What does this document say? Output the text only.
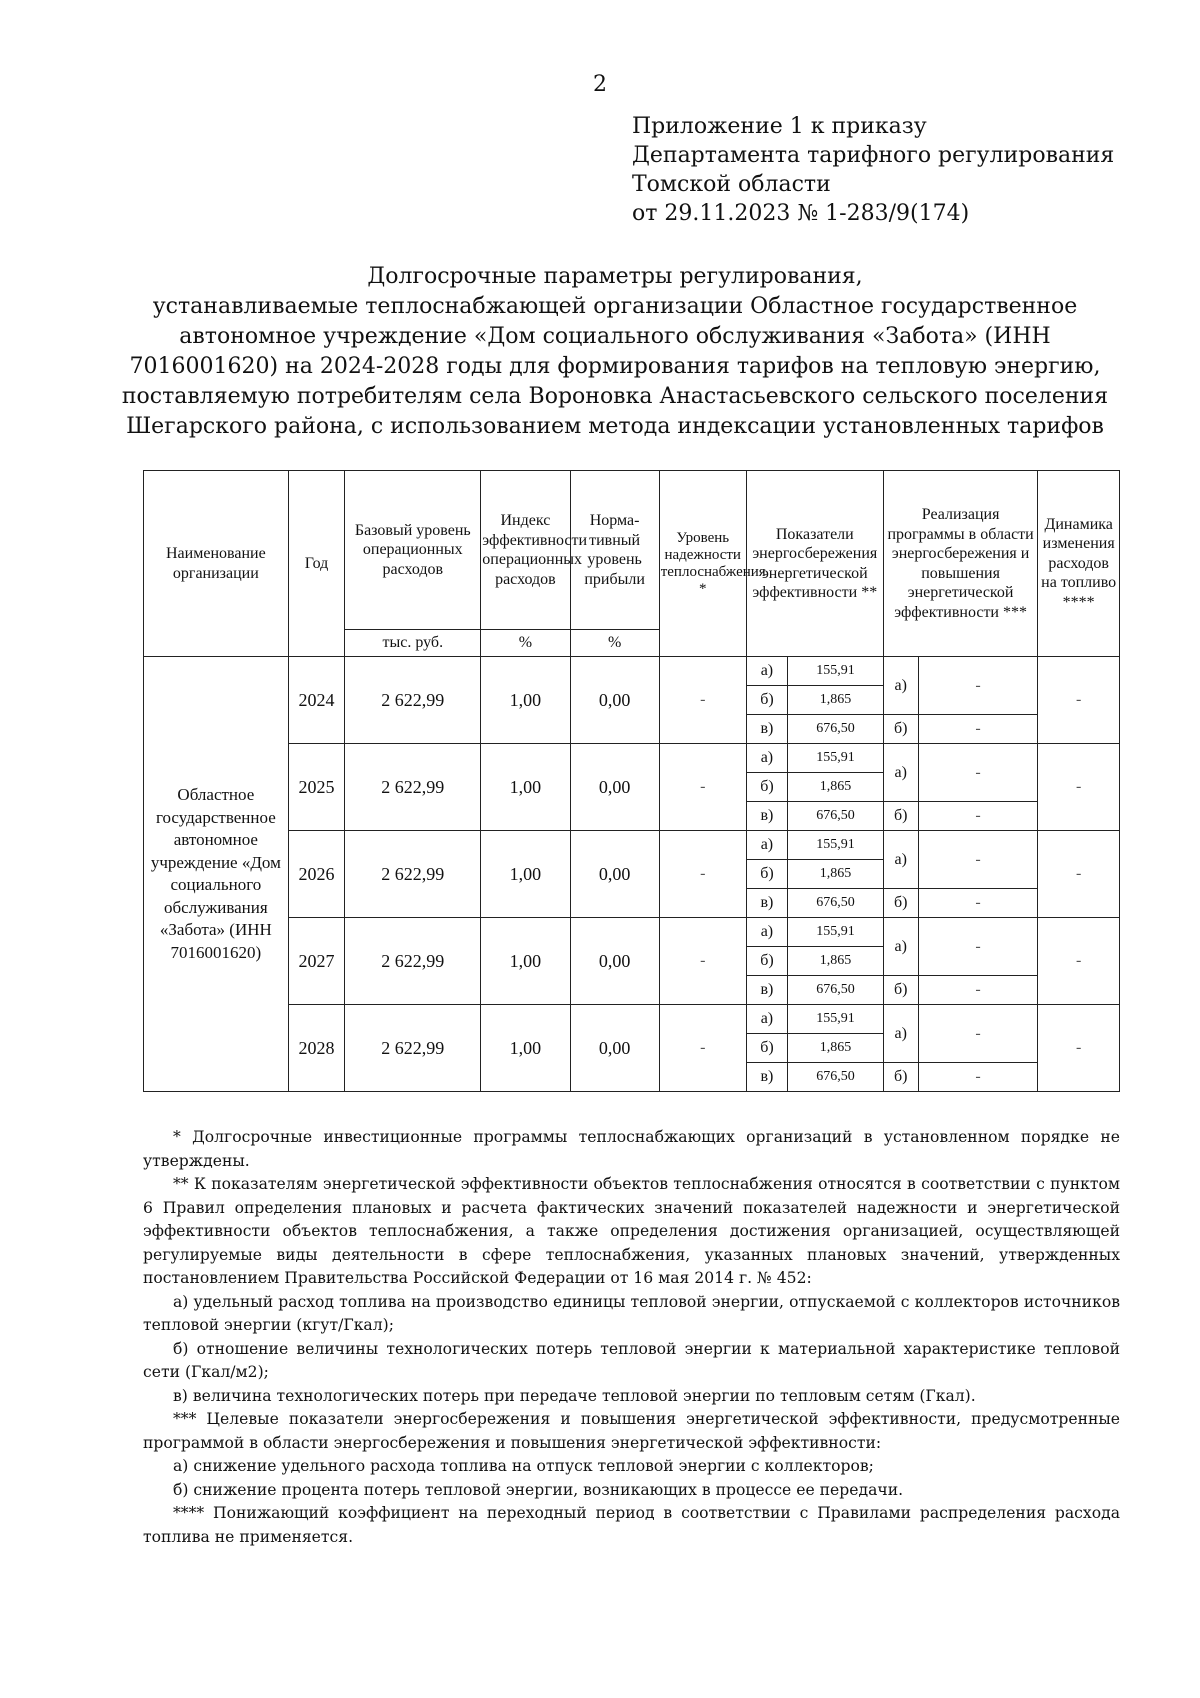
2
Приложение 1 к приказу
Департамента тарифного регулирования
Томской области
от 29.11.2023 № 1-283/9(174)
Долгосрочные параметры регулирования,
устанавливаемые теплоснабжающей организации Областное государственное
автономное учреждение «Дом социального обслуживания «Забота» (ИНН
7016001620) на 2024-2028 годы для формирования тарифов на тепловую энергию,
поставляемую потребителям села Вороновка Анастасьевского сельского поселения
Шегарского района, с использованием метода индексации установленных тарифов
Наименование организации	Год	Базовый уровень операционных расходов	Индекс эффективности операционных расходов	Норма-тивный уровень прибыли	Уровень надежности теплоснабжения *	Показатели энергосбережения энергетической эффективности **		Реализация программы в области энергосбережения и повышения энергетической эффективности ***		Динамика изменения расходов на топливо ****
		тыс. руб.	%	%						
Областное государственное автономное учреждение «Дом социального обслуживания «Забота» (ИНН 7016001620)	2024	2 622,99	1,00	0,00	-	а)	155,91	а)	-	-
						б)	1,865			
						в)	676,50	б)	-	
	2025	2 622,99	1,00	0,00	-	а)	155,91	а)	-	-
						б)	1,865			
						в)	676,50	б)	-	
	2026	2 622,99	1,00	0,00	-	а)	155,91	а)	-	-
						б)	1,865			
						в)	676,50	б)	-	
	2027	2 622,99	1,00	0,00	-	а)	155,91	а)	-	-
						б)	1,865			
						в)	676,50	б)	-	
	2028	2 622,99	1,00	0,00	-	а)	155,91	а)	-	-
						б)	1,865			
						в)	676,50	б)	-	

* Долгосрочные инвестиционные программы теплоснабжающих организаций в установленном порядке не утверждены.

** К показателям энергетической эффективности объектов теплоснабжения относятся в соответствии с пунктом 6 Правил определения плановых и расчета фактических значений показателей надежности и энергетической эффективности объектов теплоснабжения, а также определения достижения организацией, осуществляющей регулируемые виды деятельности в сфере теплоснабжения, указанных плановых значений, утвержденных постановлением Правительства Российской Федерации от 16 мая 2014 г. № 452:

а) удельный расход топлива на производство единицы тепловой энергии, отпускаемой с коллекторов источников тепловой энергии (кгут/Гкал);

б) отношение величины технологических потерь тепловой энергии к материальной характеристике тепловой сети (Гкал/м2);

в) величина технологических потерь при передаче тепловой энергии по тепловым сетям (Гкал).

*** Целевые показатели энергосбережения и повышения энергетической эффективности, предусмотренные программой в области энергосбережения и повышения энергетической эффективности:

а) снижение удельного расхода топлива на отпуск тепловой энергии с коллекторов;

б) снижение процента потерь тепловой энергии, возникающих в процессе ее передачи.

**** Понижающий коэффициент на переходный период в соответствии с Правилами распределения расхода топлива не применяется.
